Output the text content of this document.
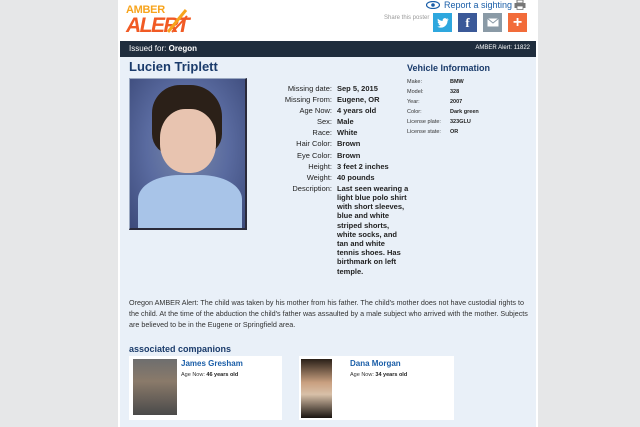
AMBER
ALERT
Report a sighting
Share this poster	f	+
Issued for: Oregon	AMBER Alert: 11822
Lucien Triplett
Missing date: Sep 5, 2015
Missing From: Eugene, OR
Age Now: 4 years old
Sex: Male
Race: White
Hair Color: Brown
Eye Color: Brown
Height: 3 feet 2 inches
Weight: 40 pounds
Description: Last seen wearing a light blue polo shirt with short sleeves, blue and white striped shorts, white socks, and tan and white tennis shoes. Has birthmark on left temple.
Vehicle Information
Make:	BMW
Model:	328
Year:	2007
Color:	Dark green
License plate:	323GLU
License state:	OR
Oregon AMBER Alert: The child was taken by his mother from his father. The child's mother does not have custodial rights to the child. At the time of the abduction the child's father was assaulted by a male subject who arrived with the mother. Subjects are believed to be in the Eugene or Springfield area.
associated companions
James Gresham
Age Now: 46 years old
Dana Morgan
Age Now: 34 years old
